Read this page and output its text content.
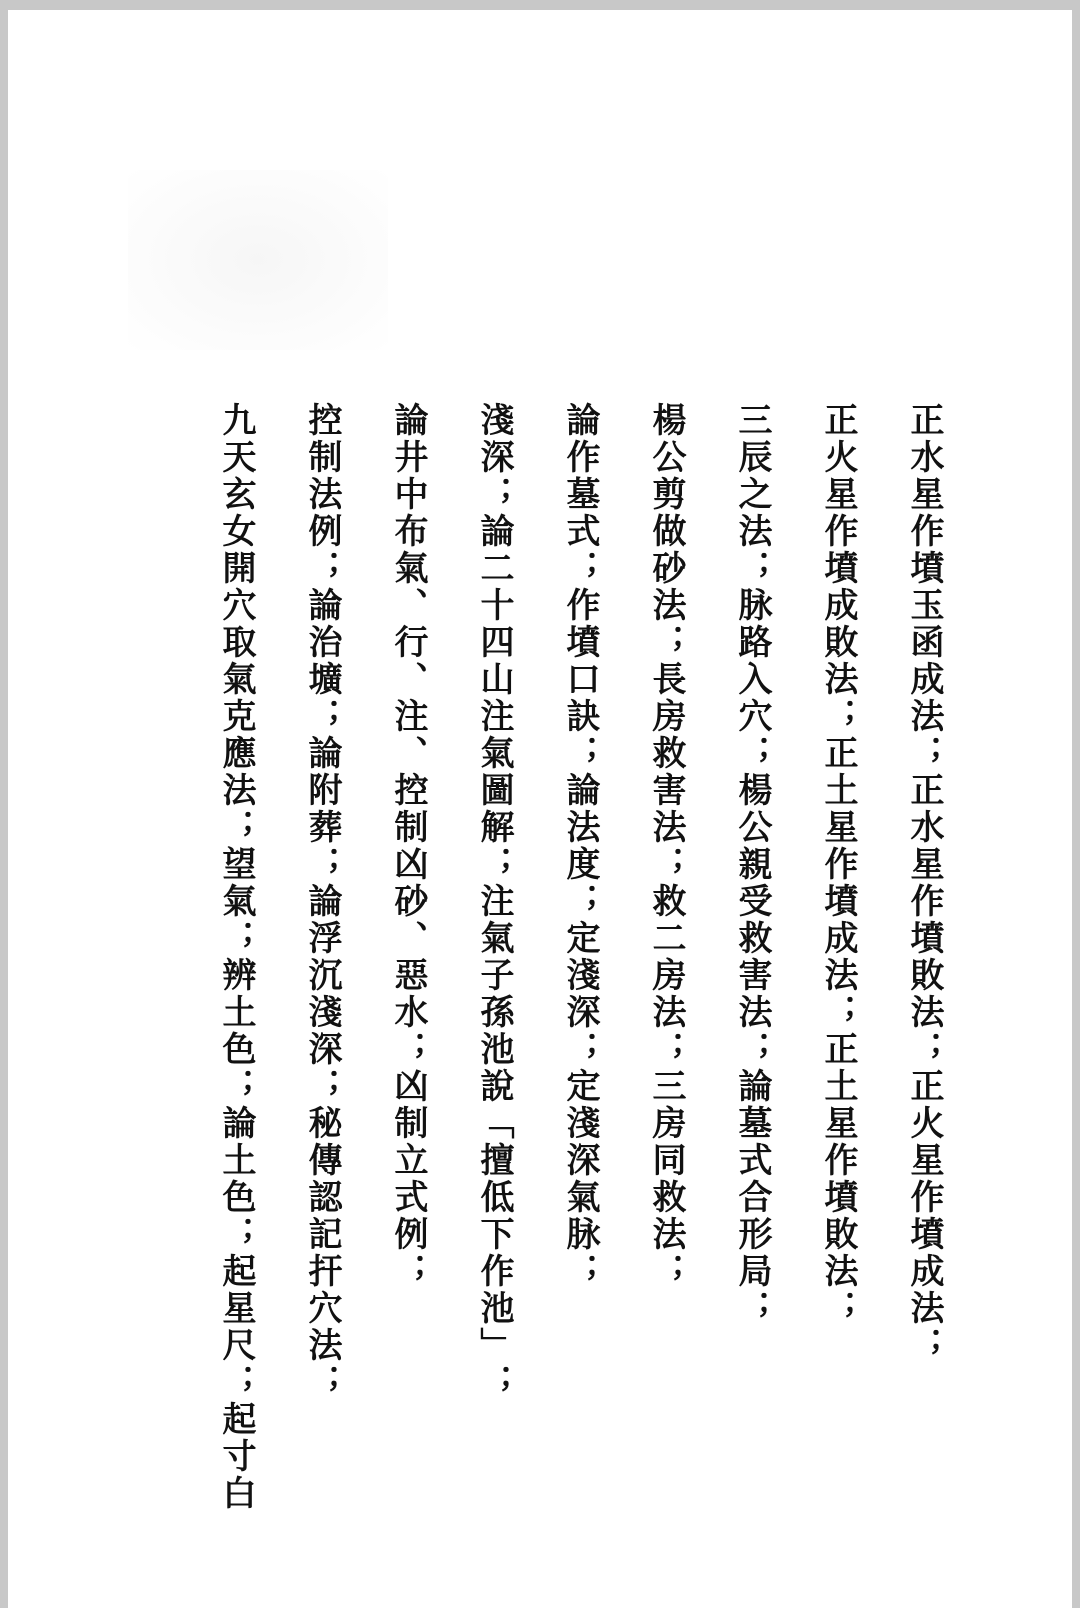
正水星作墳玉函成法；正水星作墳敗法；正火星作墳成法；
正火星作墳成敗法；正土星作墳成法；正土星作墳敗法；
三辰之法；脉路入穴；楊公親受救害法；論墓式合形局；
楊公剪做砂法；長房救害法；救二房法；三房同救法；
論作墓式；作墳口訣；論法度；定淺深；定淺深氣脉；
淺深；論二十四山注氣圖解；注氣子孫池說「擅低下作池」；
論井中布氣、行、注、控制凶砂、惡水；凶制立式例；
控制法例；論治壙；論附葬；論浮沉淺深；秘傳認記扞穴法；
九天玄女開穴取氣克應法；望氣；辨土色；論土色；起星尺；起寸白
